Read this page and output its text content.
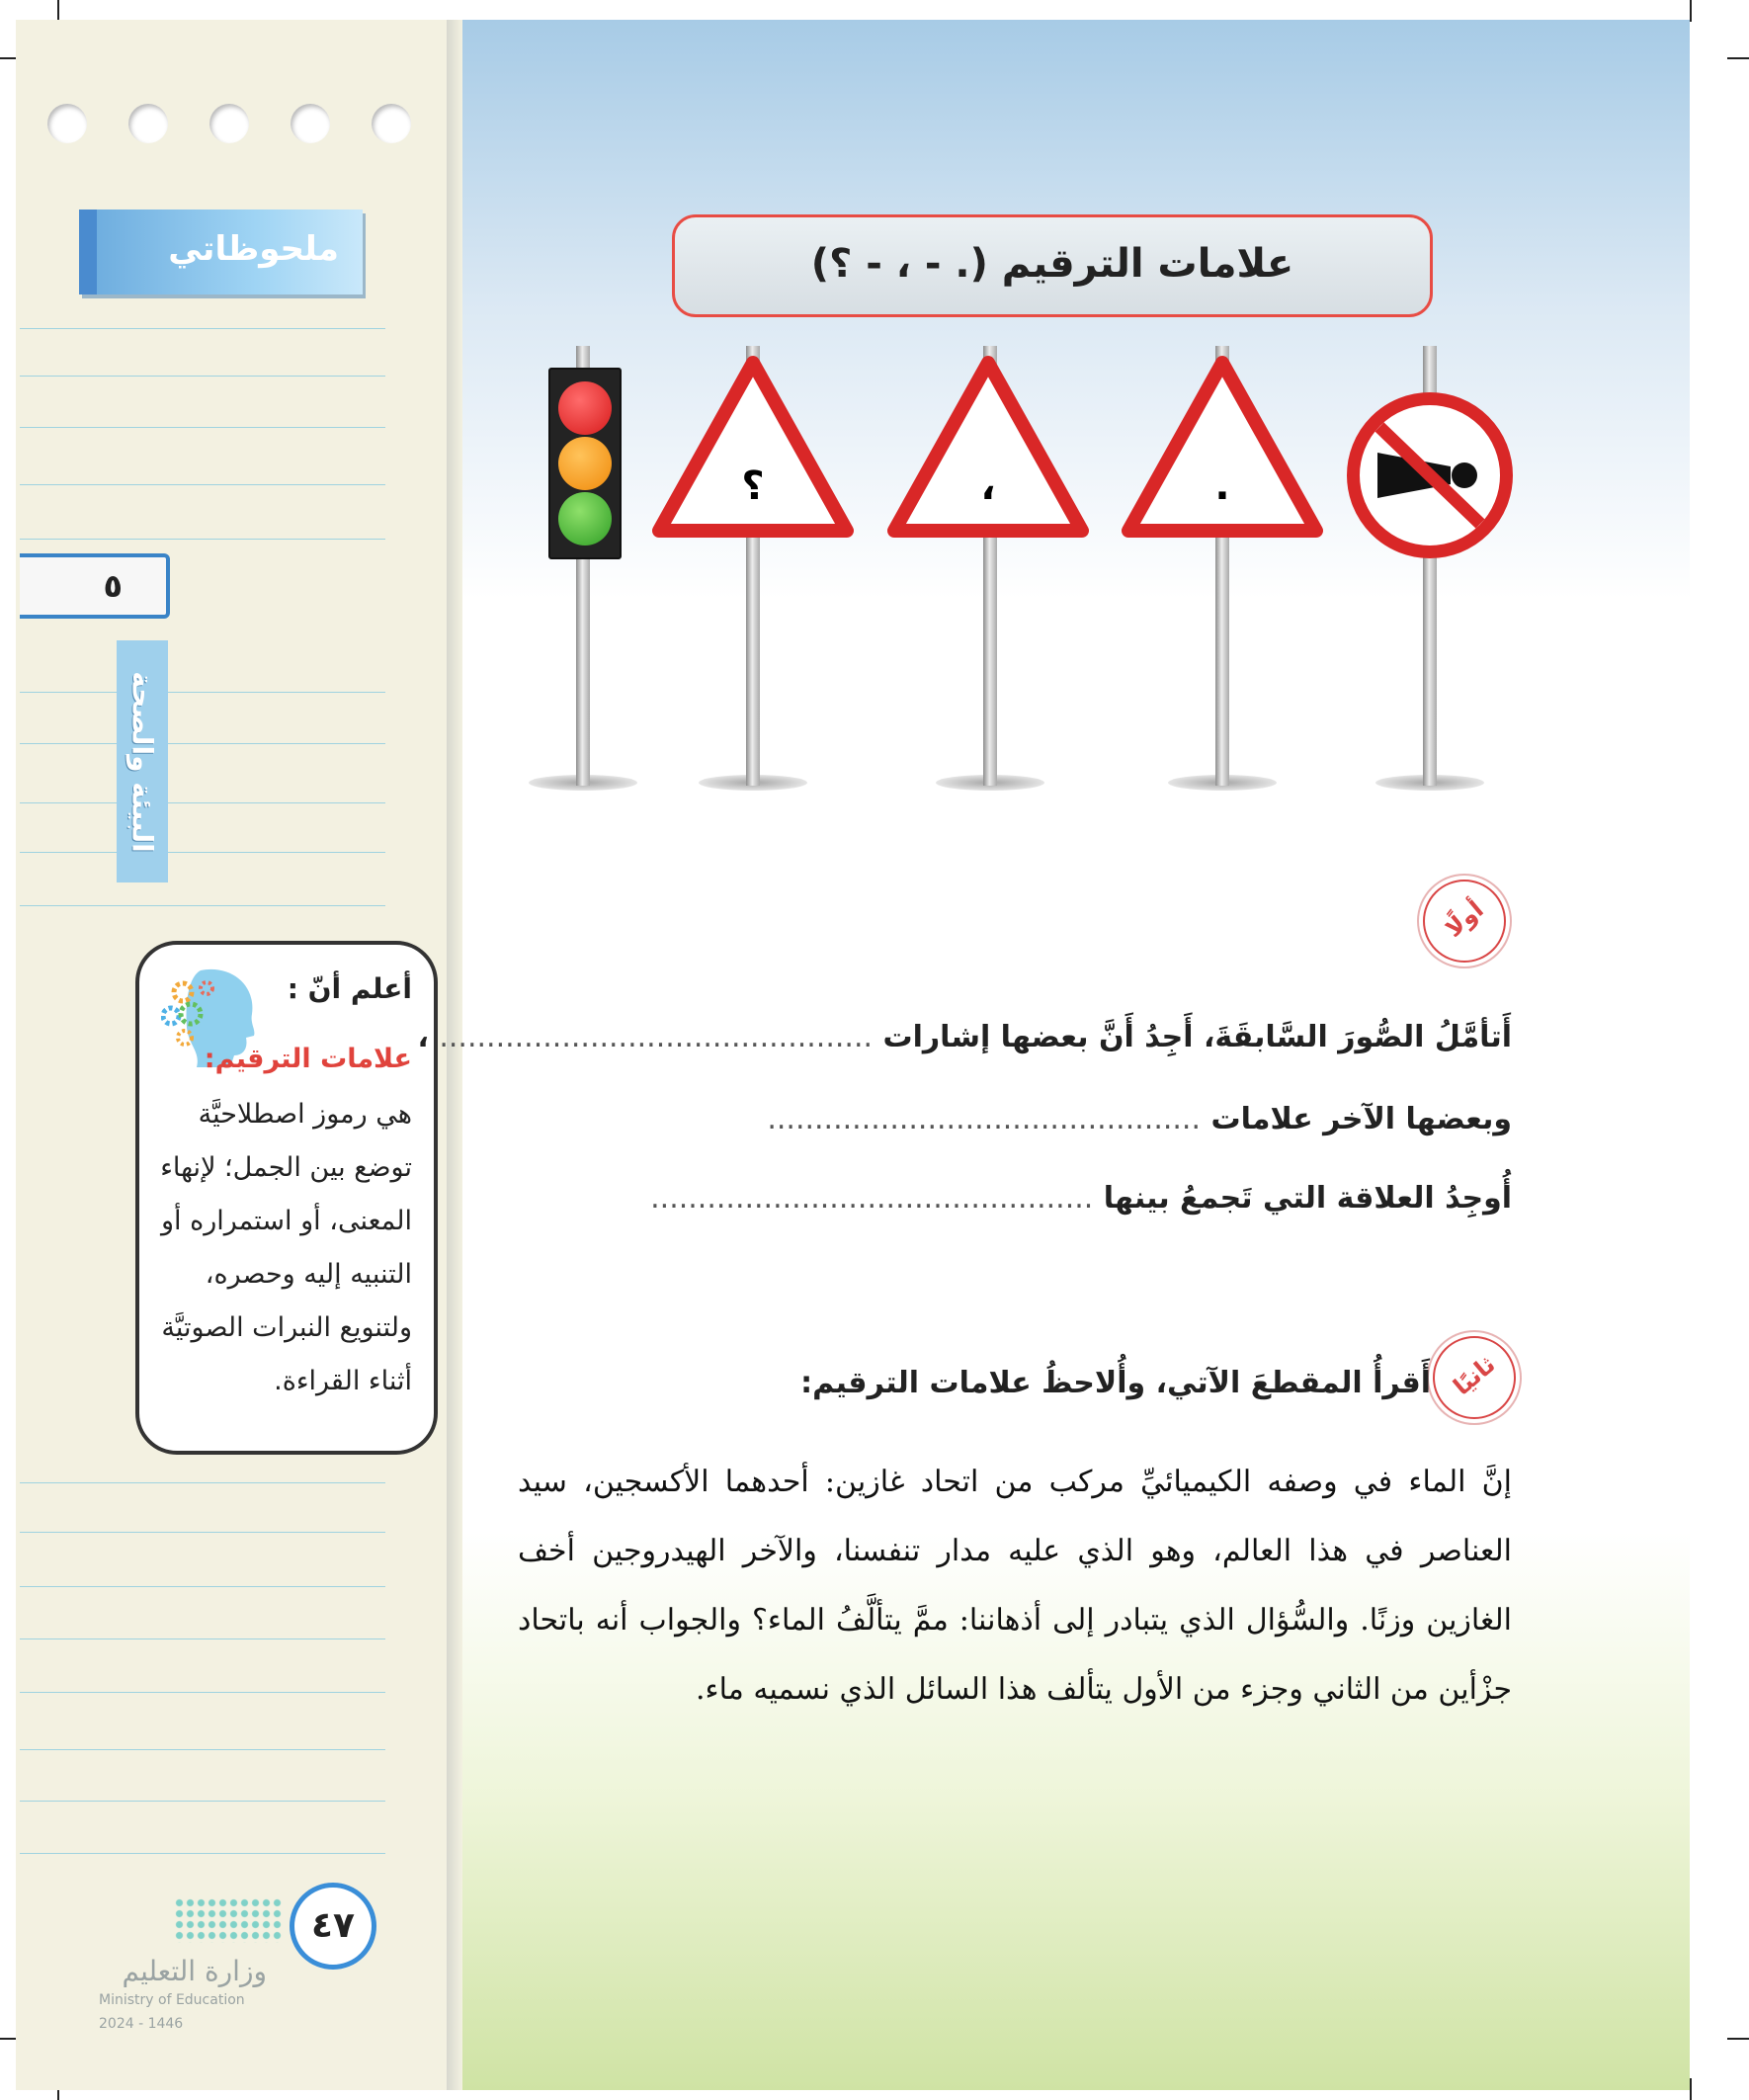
ملحوظاتي
٥
البيئة والصحة
أعلم أنّ :
علامات الترقيم:
هي رموز اصطلاحيَّة توضع بين الجمل؛ لإنهاء المعنى، أو استمراره أو التنبيه إليه وحصره، ولتنويع النبرات الصوتيَّة أثناء القراءة.
٤٧
وزارة التعليم
Ministry of Education
2024 - 1446
علامات الترقيم (. - ، - ؟)
؟	،	.
أولًا
أَتأمَّلُ الصُّورَ السَّابقَةَ، أَجِدُ أَنَّ بعضها إشارات .............................................. ،
وبعضها الآخر علامات ..............................................
أُوجِدُ العلاقة التي تَجمعُ بينها ...............................................
ثانيًا
أَقرأُ المقطعَ الآتي، وأُلاحظُ علامات الترقيم:
إنَّ الماء في وصفه الكيميائيِّ مركب من اتحاد غازين: أحدهما الأكسجين، سيد العناصر في هذا العالم، وهو الذي عليه مدار تنفسنا، والآخر الهيدروجين أخف الغازين وزنًا. والسُّؤال الذي يتبادر إلى أذهاننا: ممَّ يتألَّفُ الماء؟ والجواب أنه باتحاد جزْأين من الثاني وجزء من الأول يتألف هذا السائل الذي نسميه ماء.
